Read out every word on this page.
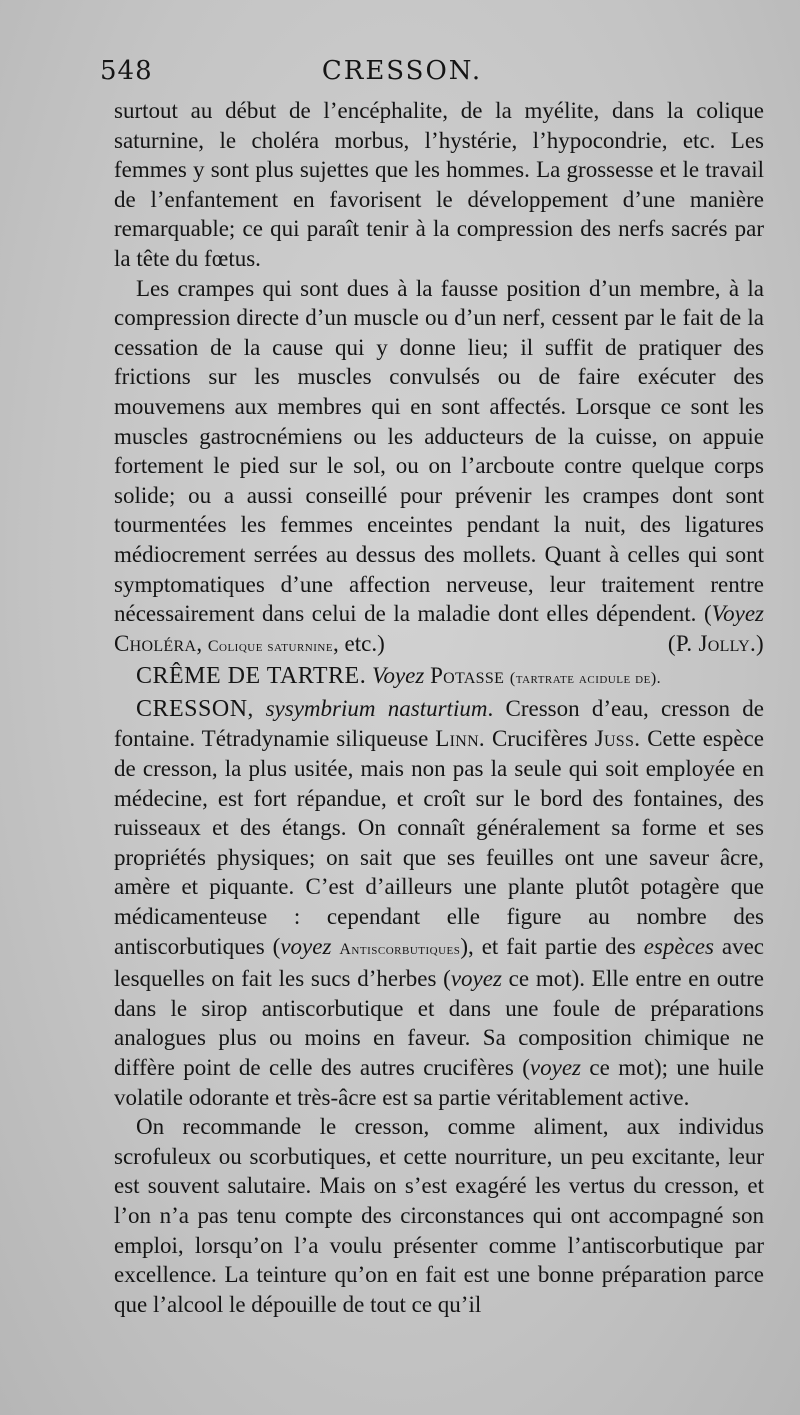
548	CRESSON.

surtout au début de l’encéphalite, de la myélite, dans la colique saturnine, le choléra morbus, l’hystérie, l’hypocondrie, etc. Les femmes y sont plus sujettes que les hommes. La grossesse et le travail de l’enfantement en favorisent le développement d’une manière remarquable; ce qui paraît tenir à la compression des nerfs sacrés par la tête du fœtus.

Les crampes qui sont dues à la fausse position d’un membre, à la compression directe d’un muscle ou d’un nerf, cessent par le fait de la cessation de la cause qui y donne lieu; il suffit de pratiquer des frictions sur les muscles convulsés ou de faire exécuter des mouvemens aux membres qui en sont affectés. Lorsque ce sont les muscles gastrocnémiens ou les adducteurs de la cuisse, on appuie fortement le pied sur le sol, ou on l’arcboute contre quelque corps solide; ou a aussi conseillé pour prévenir les crampes dont sont tourmentées les femmes enceintes pendant la nuit, des ligatures médiocrement serrées au dessus des mollets. Quant à celles qui sont symptomatiques d’une affection nerveuse, leur traitement rentre nécessairement dans celui de la maladie dont elles dépendent. (Voyez Choléra, Colique saturnine, etc.)	(P. Jolly.)

CRÊME DE TARTRE. Voyez Potasse (tartrate acidule de).

CRESSON, sysymbrium nasturtium. Cresson d’eau, cresson de fontaine. Tétradynamie siliqueuse Linn. Crucifères Juss. Cette espèce de cresson, la plus usitée, mais non pas la seule qui soit employée en médecine, est fort répandue, et croît sur le bord des fontaines, des ruisseaux et des étangs. On connaît généralement sa forme et ses propriétés physiques; on sait que ses feuilles ont une saveur âcre, amère et piquante. C’est d’ailleurs une plante plutôt potagère que médicamenteuse : cependant elle figure au nombre des antiscorbutiques (voyez Antiscorbutiques), et fait partie des espèces avec lesquelles on fait les sucs d’herbes (voyez ce mot). Elle entre en outre dans le sirop antiscorbutique et dans une foule de préparations analogues plus ou moins en faveur. Sa composition chimique ne diffère point de celle des autres crucifères (voyez ce mot); une huile volatile odorante et très-âcre est sa partie véritablement active.

On recommande le cresson, comme aliment, aux individus scrofuleux ou scorbutiques, et cette nourriture, un peu excitante, leur est souvent salutaire. Mais on s’est exagéré les vertus du cresson, et l’on n’a pas tenu compte des circonstances qui ont accompagné son emploi, lorsqu’on l’a voulu présenter comme l’antiscorbutique par excellence. La teinture qu’on en fait est une bonne préparation parce que l’alcool le dépouille de tout ce qu’il
